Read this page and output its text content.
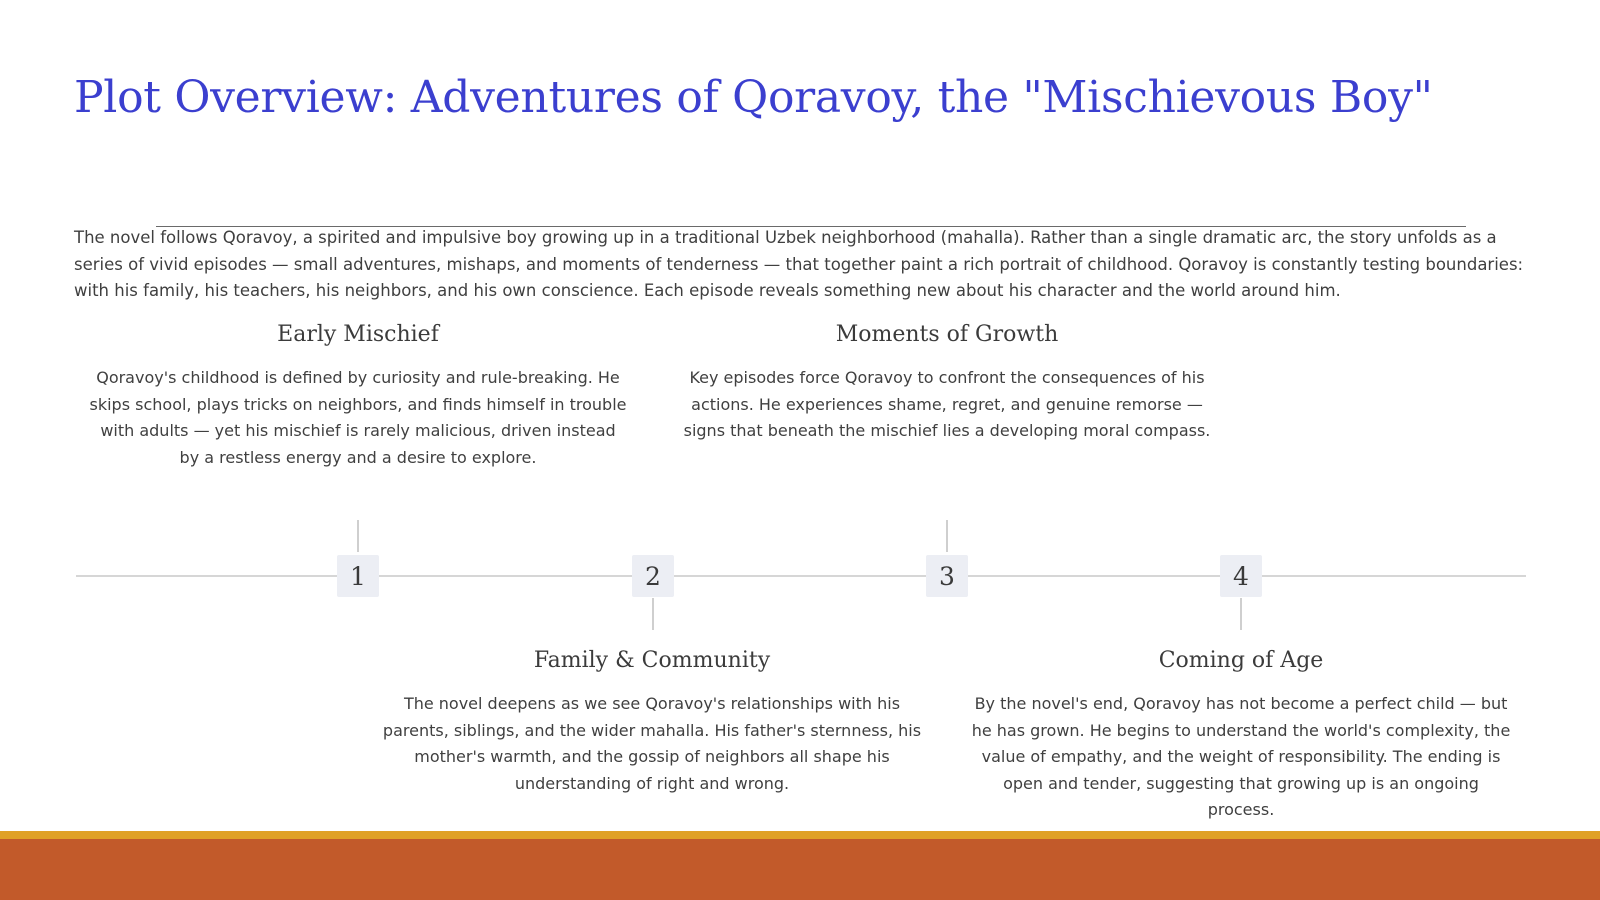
Plot Overview: Adventures of Qoravoy, the "Mischievous Boy"

The novel follows Qoravoy, a spirited and impulsive boy growing up in a traditional Uzbek neighborhood (mahalla). Rather than a single dramatic arc, the story unfolds as a series of vivid episodes — small adventures, mishaps, and moments of tenderness — that together paint a rich portrait of childhood. Qoravoy is constantly testing boundaries: with his family, his teachers, his neighbors, and his own conscience. Each episode reveals something new about his character and the world around him.

Early Mischief
Qoravoy's childhood is defined by curiosity and rule-breaking. He skips school, plays tricks on neighbors, and finds himself in trouble with adults — yet his mischief is rarely malicious, driven instead by a restless energy and a desire to explore.
1	2
Family & Community
The novel deepens as we see Qoravoy's relationships with his parents, siblings, and the wider mahalla. His father's sternness, his mother's warmth, and the gossip of neighbors all shape his understanding of right and wrong.
Moments of Growth
Key episodes force Qoravoy to confront the consequences of his actions. He experiences shame, regret, and genuine remorse — signs that beneath the mischief lies a developing moral compass.
3	4
Coming of Age
By the novel's end, Qoravoy has not become a perfect child — but he has grown. He begins to understand the world's complexity, the value of empathy, and the weight of responsibility. The ending is open and tender, suggesting that growing up is an ongoing process.
